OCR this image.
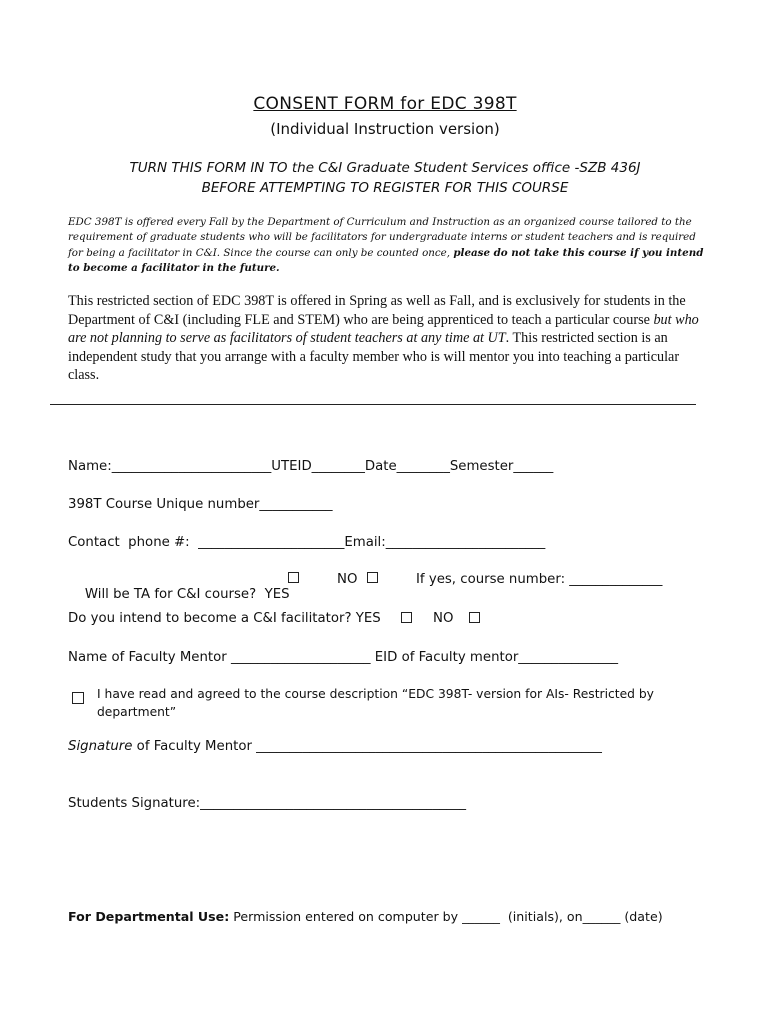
CONSENT FORM for EDC 398T
(Individual Instruction version)
TURN THIS FORM IN TO the C&I Graduate Student Services office -SZB 436J
BEFORE ATTEMPTING TO REGISTER FOR THIS COURSE
EDC 398T is offered every Fall by the Department of Curriculum and Instruction as an organized course tailored to the requirement of graduate students who will be facilitators for undergraduate interns or student teachers and is required for being a facilitator in C&I. Since the course can only be counted once, please do not take this course if you intend to become a facilitator in the future.
This restricted section of EDC 398T is offered in Spring as well as Fall, and is exclusively for students in the Department of C&I (including FLE and STEM) who are being apprenticed to teach a particular course but who are not planning to serve as facilitators of student teachers at any time at UT. This restricted section is an independent study that you arrange with a faculty member who is will mentor you into teaching a particular class.
Name:________________________UTEID________Date________Semester______
398T Course Unique number___________
Contact  phone #:  ______________________Email:________________________

Will be TA for C&I course?  YES

NO	If yes, course number: ______________
Do you intend to become a C&I facilitator? YES	NO
Name of Faculty Mentor _____________________ EID of Faculty mentor_______________
I have read and agreed to the course description “EDC 398T- version for AIs- Restricted by department”
Signature of Faculty Mentor ____________________________________________________
Students Signature:________________________________________
For Departmental Use: Permission entered on computer by ______  (initials), on______ (date)
